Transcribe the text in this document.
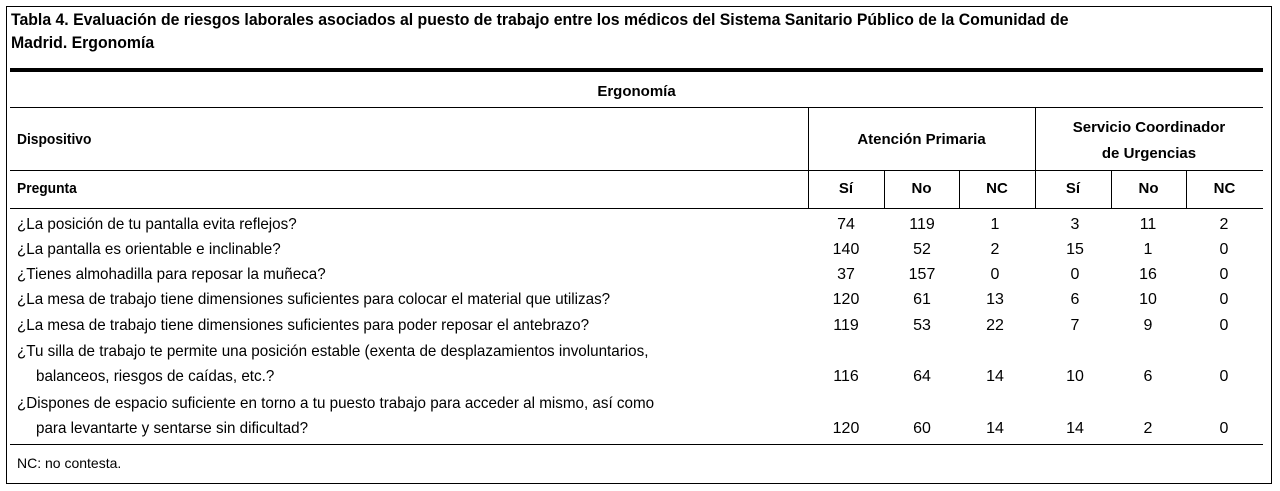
Tabla 4. Evaluación de riesgos laborales asociados al puesto de trabajo entre los médicos del Sistema Sanitario Público de la Comunidad de Madrid. Ergonomía
Ergonomía
Dispositivo	Atención Primaria
Servicio Coordinador
de Urgencias
Pregunta	Sí	No	NC	Sí	No	NC
¿La posición de tu pantalla evita reflejos?	74	119	1	3	11	2
¿La pantalla es orientable e inclinable?	140	52	2	15	1	0
¿Tienes almohadilla para reposar la muñeca?	37	157	0	0	16	0
¿La mesa de trabajo tiene dimensiones suficientes para colocar el material que utilizas?	120	61	13	6	10	0
¿La mesa de trabajo tiene dimensiones suficientes para poder reposar el antebrazo?	119	53	22	7	9	0
¿Tu silla de trabajo te permite una posición estable (exenta de desplazamientos involuntarios,
balanceos, riesgos de caídas, etc.?	116	64	14	10	6	0
¿Dispones de espacio suficiente en torno a tu puesto trabajo para acceder al mismo, así como
para levantarte y sentarse sin dificultad?	120	60	14	14	2	0
NC: no contesta.
